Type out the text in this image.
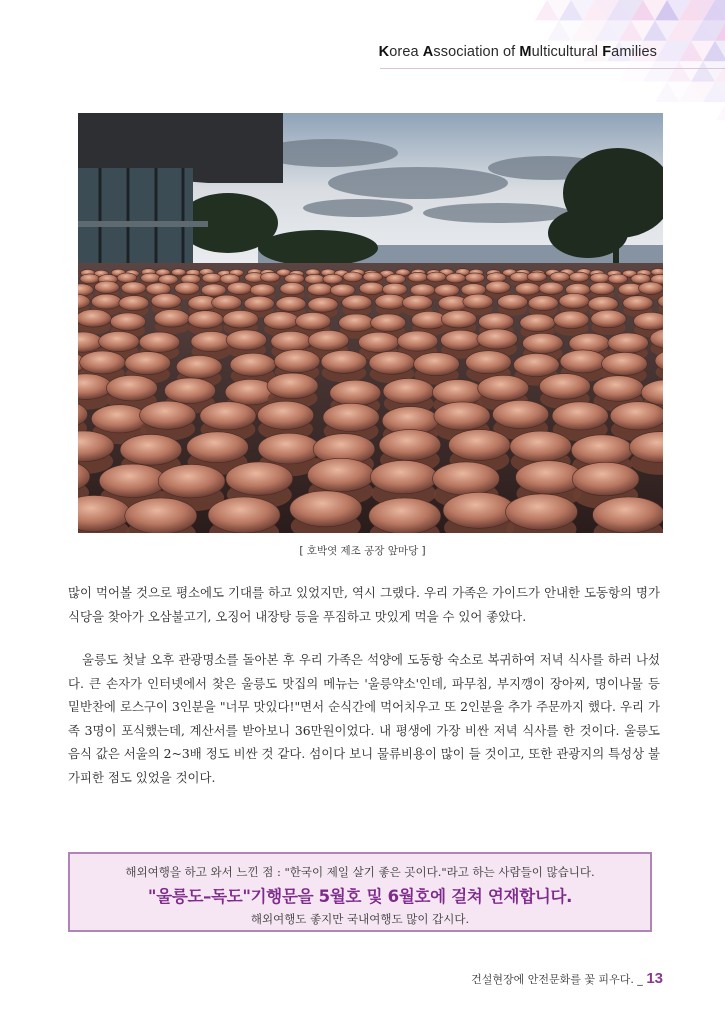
Korea Association of Multicultural Families
[ 호박엿 제조 공장 앞마당 ]

많이 먹어볼 것으로 평소에도 기대를 하고 있었지만, 역시 그랬다. 우리 가족은 가이드가 안내한 도동항의 명가식당을 찾아가 오삼불고기, 오징어 내장탕 등을 푸짐하고 맛있게 먹을 수 있어 좋았다.

울릉도 첫날 오후 관광명소를 돌아본 후 우리 가족은 석양에 도동항 숙소로 복귀하여 저녁 식사를 하러 나섰다. 큰 손자가 인터넷에서 찾은 울릉도 맛집의 메뉴는 '울릉약소'인데, 파무침, 부지깽이 장아찌, 명이나물 등 밑반찬에 로스구이 3인분을 "너무 맛있다!"면서 순식간에 먹어치우고 또 2인분을 추가 주문까지 했다. 우리 가족 3명이 포식했는데, 계산서를 받아보니 36만원이었다. 내 평생에 가장 비싼 저녁 식사를 한 것이다. 울릉도 음식 값은 서울의 2~3배 정도 비싼 것 같다. 섬이다 보니 물류비용이 많이 들 것이고, 또한 관광지의 특성상 불가피한 점도 있었을 것이다.

해외여행을 하고 와서 느낀 점 : "한국이 제일 살기 좋은 곳이다."라고 하는 사람들이 많습니다.
"울릉도–독도"기행문을 5월호 및 6월호에 걸쳐 연재합니다.
해외여행도 좋지만 국내여행도 많이 갑시다.
건설현장에 안전문화를 꽃 피우다. _ 13
